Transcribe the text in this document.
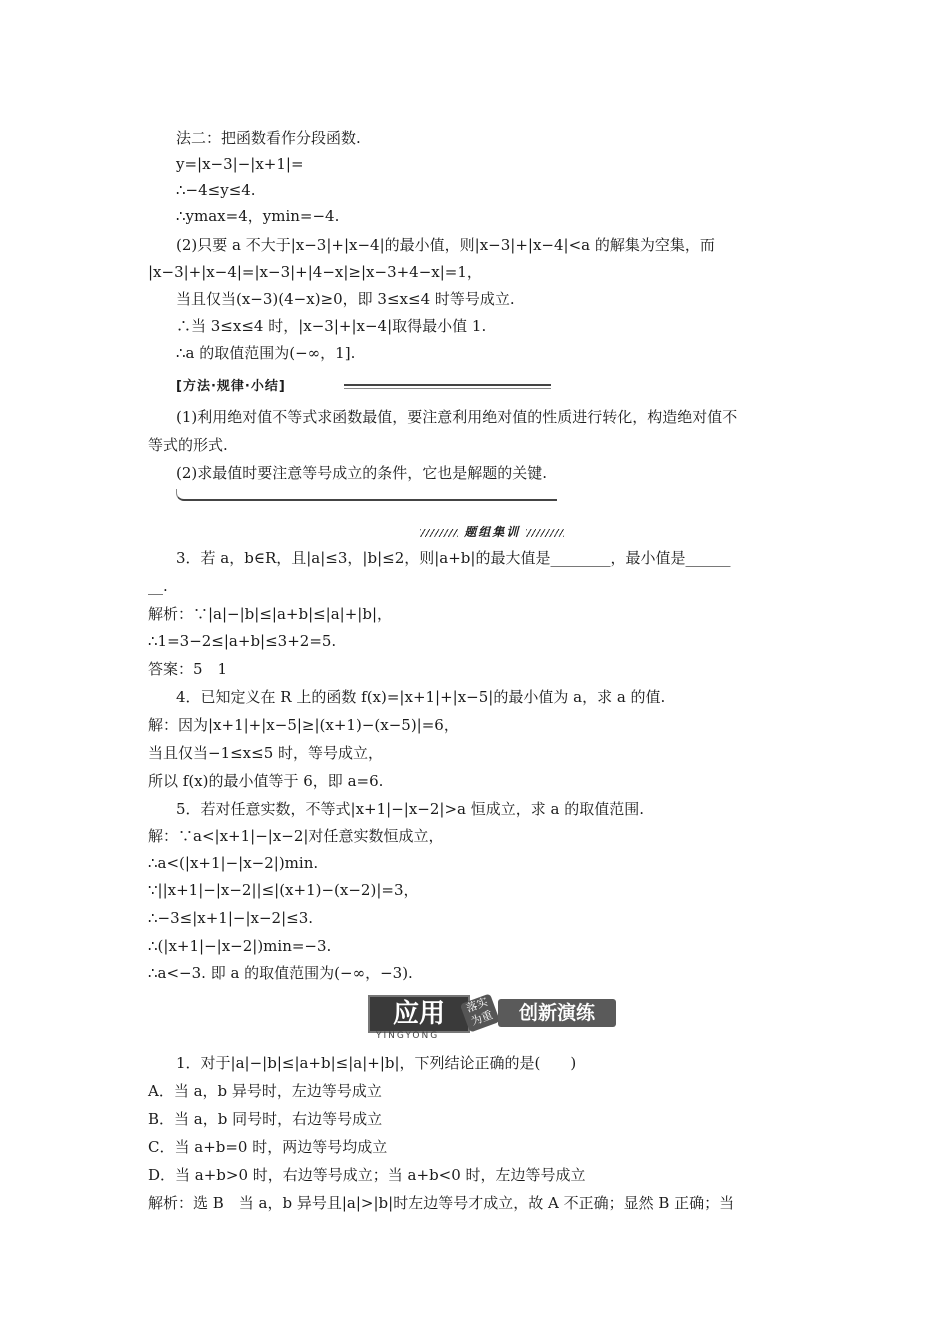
法二：把函数看作分段函数.
y=|x−3|−|x+1|=
∴−4≤y≤4.
∴ymax=4，ymin=−4.
(2)只要 a 不大于|x−3|+|x−4|的最小值，则|x−3|+|x−4|<a 的解集为空集，而
|x−3|+|x−4|=|x−3|+|4−x|≥|x−3+4−x|=1，
当且仅当(x−3)(4−x)≥0，即 3≤x≤4 时等号成立.
∴当 3≤x≤4 时，|x−3|+|x−4|取得最小值 1.
∴a 的取值范围为(−∞，1].
(1)利用绝对值不等式求函数最值，要注意利用绝对值的性质进行转化，构造绝对值不
等式的形式.
(2)求最值时要注意等号成立的条件，它也是解题的关键.
3．若 a，b∈R，且|a|≤3，|b|≤2，则|a+b|的最大值是________，最小值是______
__.
解析：∵|a|−|b|≤|a+b|≤|a|+|b|，
∴1=3−2≤|a+b|≤3+2=5.
答案：5　1
4．已知定义在 R 上的函数 f(x)=|x+1|+|x−5|的最小值为 a，求 a 的值.
解：因为|x+1|+|x−5|≥|(x+1)−(x−5)|=6，
当且仅当−1≤x≤5 时，等号成立，
所以 f(x)的最小值等于 6，即 a=6.
5．若对任意实数，不等式|x+1|−|x−2|>a 恒成立，求 a 的取值范围.
解：∵a<|x+1|−|x−2|对任意实数恒成立，
∴a<(|x+1|−|x−2|)min.
∵||x+1|−|x−2||≤|(x+1)−(x−2)|=3，
∴−3≤|x+1|−|x−2|≤3.
∴(|x+1|−|x−2|)min=−3.
∴a<−3. 即 a 的取值范围为(−∞，−3).
1．对于|a|−|b|≤|a+b|≤|a|+|b|，下列结论正确的是(　　)
A．当 a，b 异号时，左边等号成立
B．当 a，b 同号时，右边等号成立
C．当 a+b=0 时，两边等号均成立
D．当 a+b>0 时，右边等号成立；当 a+b<0 时，左边等号成立
解析：选 B　当 a，b 异号且|a|>|b|时左边等号才成立，故 A 不正确；显然 B 正确；当
[方法·规律·小结]
题组集训
应用	落实
为重	创新演练
YINGYONG
